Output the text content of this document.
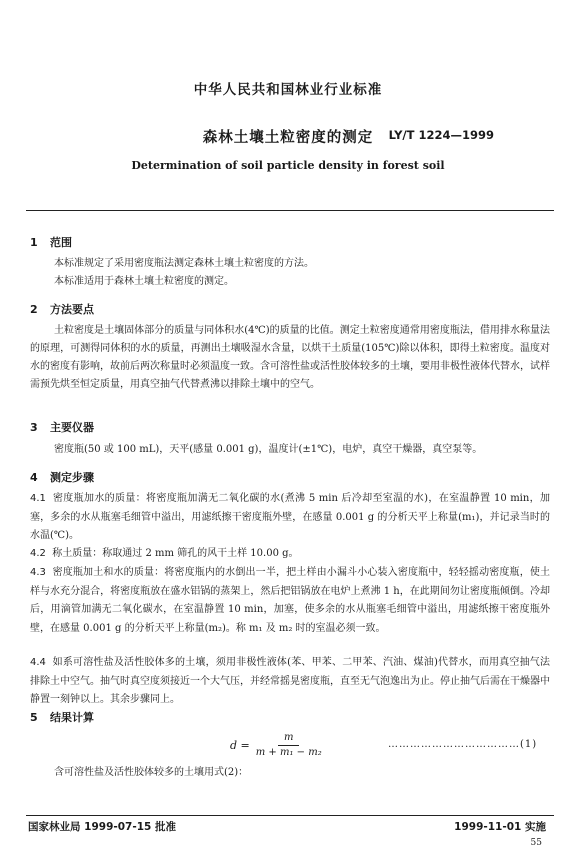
中华人民共和国林业行业标准
森林土壤土粒密度的测定	LY/T 1224—1999
Determination of soil particle density in forest soil
1 范围
本标准规定了采用密度瓶法测定森林土壤土粒密度的方法。
本标准适用于森林土壤土粒密度的测定。
2 方法要点
土粒密度是土壤固体部分的质量与同体积水(4℃)的质量的比值。测定土粒密度通常用密度瓶法，借用排水称量法的原理，可测得同体积的水的质量，再测出土壤吸湿水含量，以烘干土质量(105℃)除以体积，即得土粒密度。温度对水的密度有影响，故前后两次称量时必须温度一致。含可溶性盐或活性胶体较多的土壤，要用非极性液体代替水，试样需预先烘至恒定质量，用真空抽气代替煮沸以排除土壤中的空气。
3 主要仪器
密度瓶(50 或 100 mL)，天平(感量 0.001 g)，温度计(±1℃)，电炉，真空干燥器，真空泵等。
4 测定步骤
4.1 密度瓶加水的质量：将密度瓶加满无二氧化碳的水(煮沸 5 min 后冷却至室温的水)，在室温静置 10 min，加塞，多余的水从瓶塞毛细管中溢出，用滤纸擦干密度瓶外壁，在感量 0.001 g 的分析天平上称量(m₁)，并记录当时的水温(℃)。
4.2 称土质量：称取通过 2 mm 筛孔的风干土样 10.00 g。
4.3 密度瓶加土和水的质量：将密度瓶内的水倒出一半，把土样由小漏斗小心装入密度瓶中，轻轻摇动密度瓶，使土样与水充分混合，将密度瓶放在盛水铝锅的蒸架上，然后把铝锅放在电炉上煮沸 1 h，在此期间勿让密度瓶倾倒。冷却后，用滴管加满无二氧化碳水，在室温静置 10 min，加塞，使多余的水从瓶塞毛细管中溢出，用滤纸擦干密度瓶外壁，在感量 0.001 g 的分析天平上称量(m₂)。称 m₁ 及 m₂ 时的室温必须一致。
4.4 如系可溶性盐及活性胶体多的土壤，须用非极性液体(苯、甲苯、二甲苯、汽油、煤油)代替水，而用真空抽气法排除土中空气。抽气时真空度须接近一个大气压，并经常摇晃密度瓶，直至无气泡逸出为止。停止抽气后需在干燥器中静置一刻钟以上。其余步骤同上。
5 结果计算
$d = \frac{m}{\text{m + m₁ − m₂}}$	………………………………(1)
含可溶性盐及活性胶体较多的土壤用式(2)：
国家林业局 1999-07-15 批准	1999-11-01 实施
55
